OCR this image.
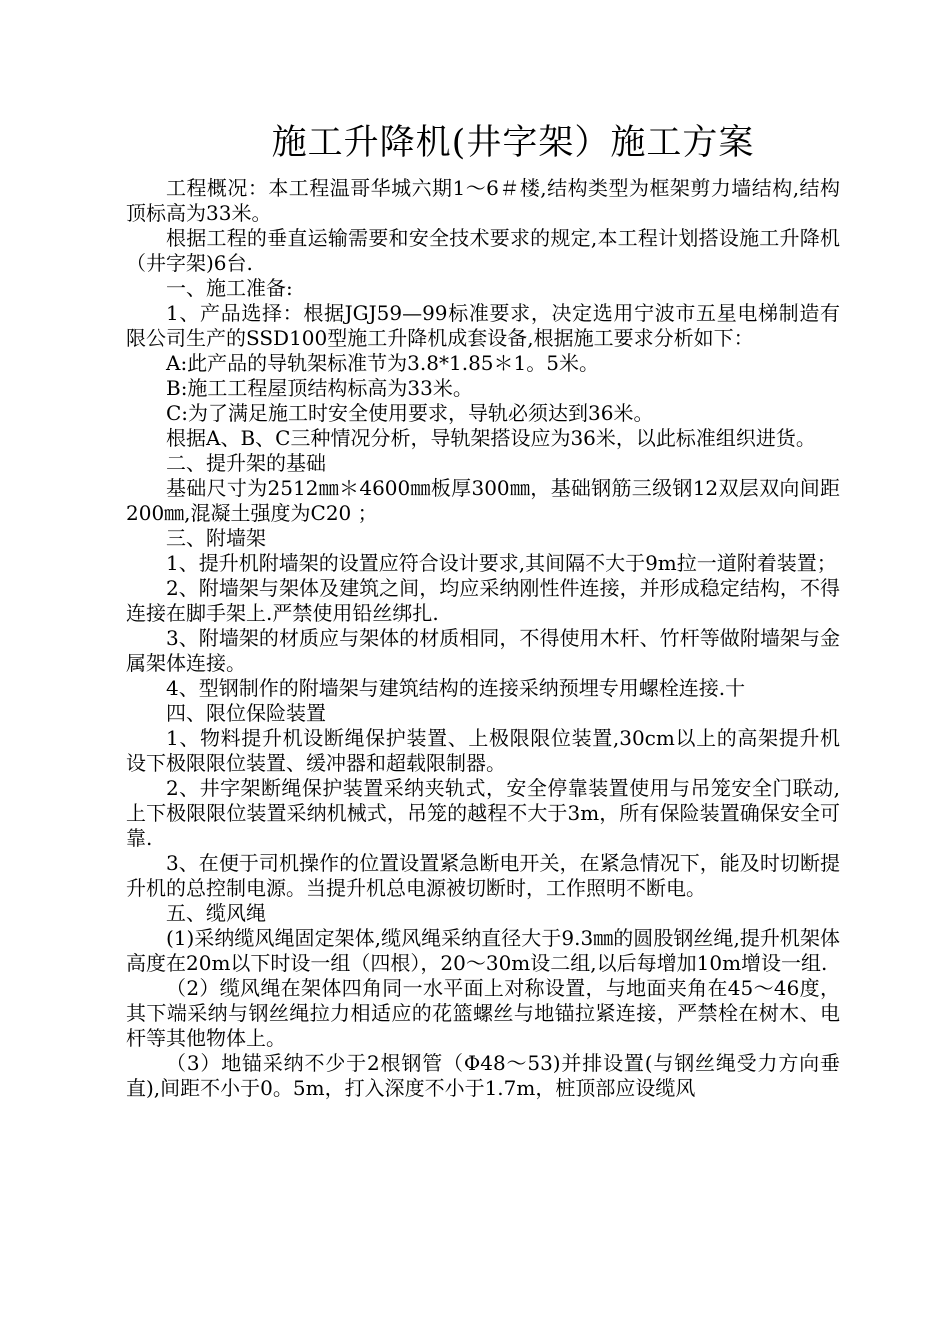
施工升降机(井字架）施工方案

工程概况：本工程温哥华城六期1～6＃楼,结构类型为框架剪力墙结构,结构顶标高为33米。

根据工程的垂直运输需要和安全技术要求的规定,本工程计划搭设施工升降机（井字架)6台.

一、施工准备:

1、产品选择：根据JGJ59—99标准要求，决定选用宁波市五星电梯制造有限公司生产的SSD100型施工升降机成套设备,根据施工要求分析如下：

A:此产品的导轨架标准节为3.8*1.85＊1。5米。

B:施工工程屋顶结构标高为33米。

C:为了满足施工时安全使用要求，导轨必须达到36米。

根据A、B、C三种情况分析，导轨架搭设应为36米，以此标准组织进货。

二、提升架的基础

基础尺寸为2512㎜＊4600㎜板厚300㎜，基础钢筋三级钢12双层双向间距200㎜,混凝土强度为C20 ；

三、附墙架

1、提升机附墙架的设置应符合设计要求,其间隔不大于9m拉一道附着装置；

2、附墙架与架体及建筑之间，均应采纳刚性件连接，并形成稳定结构，不得连接在脚手架上.严禁使用铅丝绑扎.

3、附墙架的材质应与架体的材质相同，不得使用木杆、竹杆等做附墙架与金属架体连接。

4、型钢制作的附墙架与建筑结构的连接采纳预埋专用螺栓连接.十

四、限位保险装置

1、物料提升机设断绳保护装置、上极限限位装置,30cm以上的高架提升机设下极限限位装置、缓冲器和超载限制器。

2、井字架断绳保护装置采纳夹轨式，安全停靠装置使用与吊笼安全门联动,上下极限限位装置采纳机械式，吊笼的越程不大于3m，所有保险装置确保安全可靠.

3、在便于司机操作的位置设置紧急断电开关，在紧急情况下，能及时切断提升机的总控制电源。当提升机总电源被切断时，工作照明不断电。

五、缆风绳

(1)采纳缆风绳固定架体,缆风绳采纳直径大于9.3㎜的圆股钢丝绳,提升机架体高度在20m以下时设一组（四根），20～30m设二组,以后每增加10m增设一组.

（2）缆风绳在架体四角同一水平面上对称设置，与地面夹角在45～46度，其下端采纳与钢丝绳拉力相适应的花篮螺丝与地锚拉紧连接，严禁栓在树木、电杆等其他物体上。

（3）地锚采纳不少于2根钢管（Φ48～53)并排设置(与钢丝绳受力方向垂直),间距不小于0。5m，打入深度不小于1.7m，桩顶部应设缆风
